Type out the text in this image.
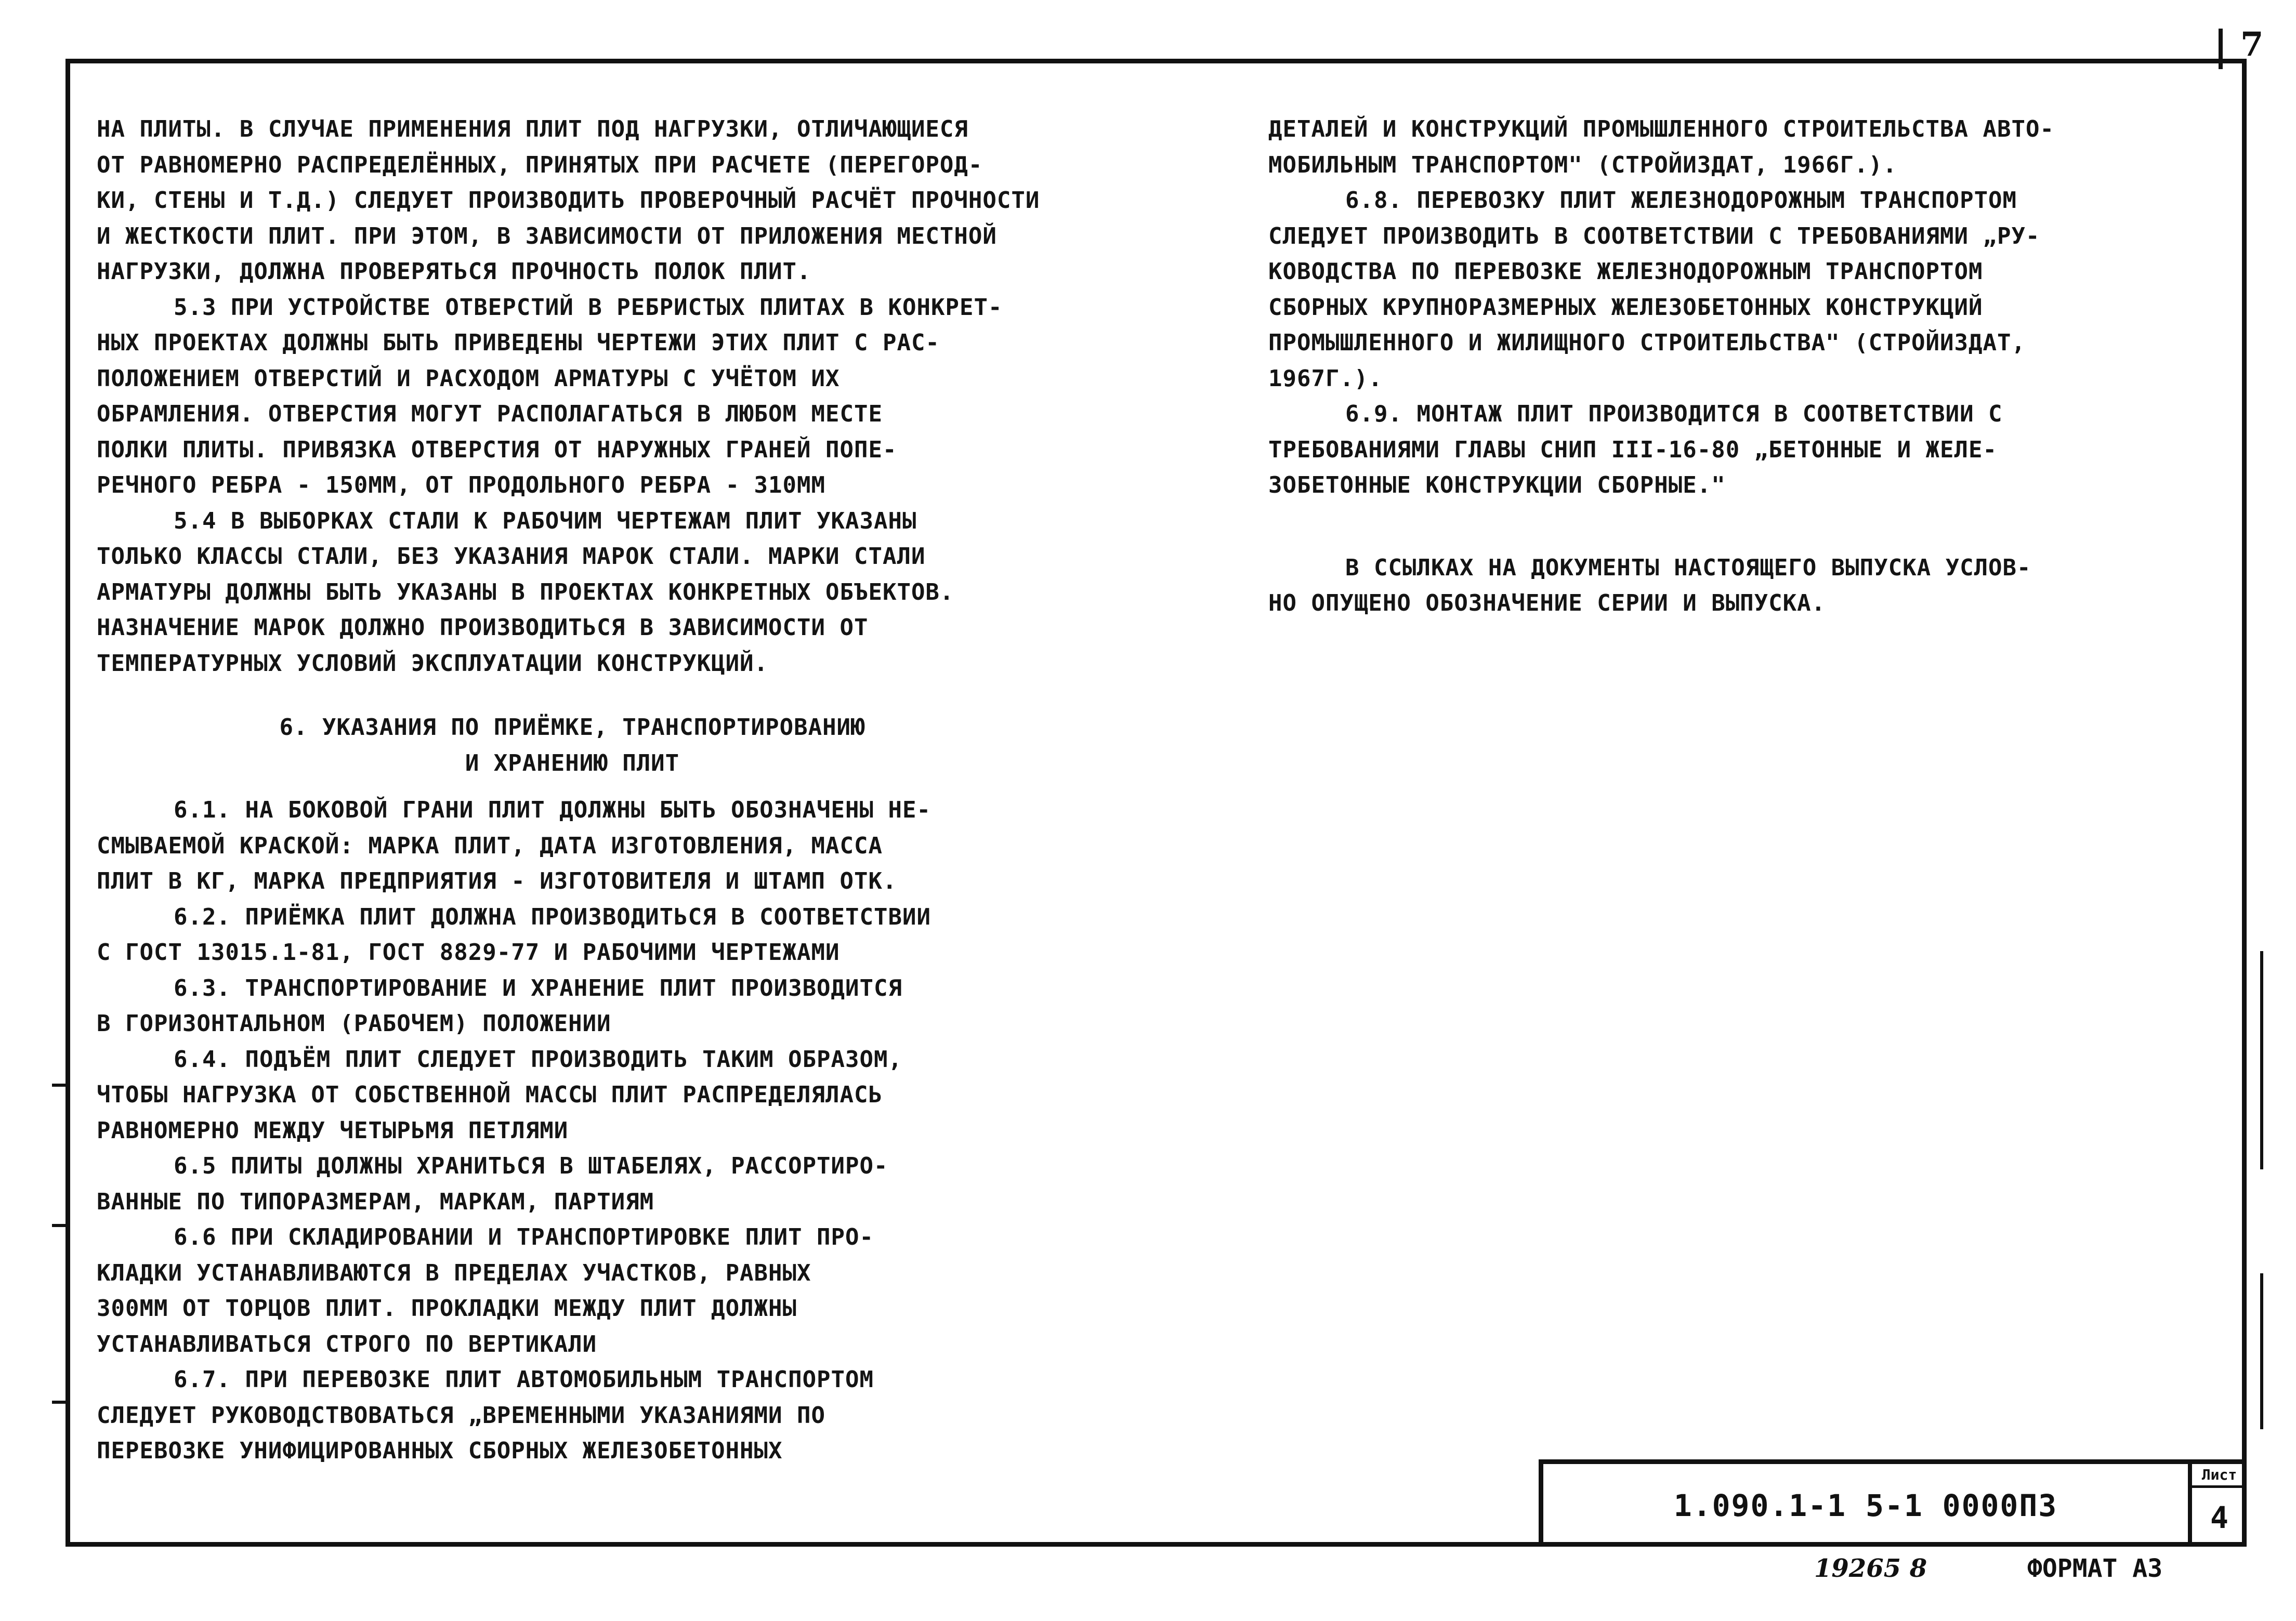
7
НА ПЛИТЫ. В СЛУЧАЕ ПРИМЕНЕНИЯ ПЛИТ ПОД НАГРУЗКИ, ОТЛИЧАЮЩИЕСЯ
ОТ РАВНОМЕРНО РАСПРЕДЕЛЁННЫХ, ПРИНЯТЫХ ПРИ РАСЧЕТЕ (ПЕРЕГОРОД-
КИ, СТЕНЫ И Т.Д.) СЛЕДУЕТ ПРОИЗВОДИТЬ ПРОВЕРОЧНЫЙ РАСЧЁТ ПРОЧНОСТИ
И ЖЕСТКОСТИ ПЛИТ. ПРИ ЭТОМ, В ЗАВИСИМОСТИ ОТ ПРИЛОЖЕНИЯ МЕСТНОЙ
НАГРУЗКИ, ДОЛЖНА ПРОВЕРЯТЬСЯ ПРОЧНОСТЬ ПОЛОК ПЛИТ.
5.3 ПРИ УСТРОЙСТВЕ ОТВЕРСТИЙ В РЕБРИСТЫХ ПЛИТАХ В КОНКРЕТ-
НЫХ ПРОЕКТАХ ДОЛЖНЫ БЫТЬ ПРИВЕДЕНЫ ЧЕРТЕЖИ ЭТИХ ПЛИТ С РАС-
ПОЛОЖЕНИЕМ ОТВЕРСТИЙ И РАСХОДОМ АРМАТУРЫ С УЧЁТОМ ИХ
ОБРАМЛЕНИЯ. ОТВЕРСТИЯ МОГУТ РАСПОЛАГАТЬСЯ В ЛЮБОМ МЕСТЕ
ПОЛКИ ПЛИТЫ. ПРИВЯЗКА ОТВЕРСТИЯ ОТ НАРУЖНЫХ ГРАНЕЙ ПОПЕ-
РЕЧНОГО РЕБРА - 150ММ, ОТ ПРОДОЛЬНОГО РЕБРА - 310ММ
5.4 В ВЫБОРКАХ СТАЛИ К РАБОЧИМ ЧЕРТЕЖАМ ПЛИТ УКАЗАНЫ
ТОЛЬКО КЛАССЫ СТАЛИ, БЕЗ УКАЗАНИЯ МАРОК СТАЛИ. МАРКИ СТАЛИ
АРМАТУРЫ ДОЛЖНЫ БЫТЬ УКАЗАНЫ В ПРОЕКТАХ КОНКРЕТНЫХ ОБЪЕКТОВ.
НАЗНАЧЕНИЕ МАРОК ДОЛЖНО ПРОИЗВОДИТЬСЯ В ЗАВИСИМОСТИ ОТ
ТЕМПЕРАТУРНЫХ УСЛОВИЙ ЭКСПЛУАТАЦИИ КОНСТРУКЦИЙ.
6. УКАЗАНИЯ ПО ПРИЁМКЕ, ТРАНСПОРТИРОВАНИЮ
И ХРАНЕНИЮ ПЛИТ
6.1. НА БОКОВОЙ ГРАНИ ПЛИТ ДОЛЖНЫ БЫТЬ ОБОЗНАЧЕНЫ НЕ-
СМЫВАЕМОЙ КРАСКОЙ: МАРКА ПЛИТ, ДАТА ИЗГОТОВЛЕНИЯ, МАССА
ПЛИТ В КГ, МАРКА ПРЕДПРИЯТИЯ - ИЗГОТОВИТЕЛЯ И ШТАМП ОТК.
6.2. ПРИЁМКА ПЛИТ ДОЛЖНА ПРОИЗВОДИТЬСЯ В СООТВЕТСТВИИ
С ГОСТ 13015.1-81, ГОСТ 8829-77 И РАБОЧИМИ ЧЕРТЕЖАМИ
6.3. ТРАНСПОРТИРОВАНИЕ И ХРАНЕНИЕ ПЛИТ ПРОИЗВОДИТСЯ
В ГОРИЗОНТАЛЬНОМ (РАБОЧЕМ) ПОЛОЖЕНИИ
6.4. ПОДЪЁМ ПЛИТ СЛЕДУЕТ ПРОИЗВОДИТЬ ТАКИМ ОБРАЗОМ,
ЧТОБЫ НАГРУЗКА ОТ СОБСТВЕННОЙ МАССЫ ПЛИТ РАСПРЕДЕЛЯЛАСЬ
РАВНОМЕРНО МЕЖДУ ЧЕТЫРЬМЯ ПЕТЛЯМИ
6.5 ПЛИТЫ ДОЛЖНЫ ХРАНИТЬСЯ В ШТАБЕЛЯХ, РАССОРТИРО-
ВАННЫЕ ПО ТИПОРАЗМЕРАМ, МАРКАМ, ПАРТИЯМ
6.6 ПРИ СКЛАДИРОВАНИИ И ТРАНСПОРТИРОВКЕ ПЛИТ ПРО-
КЛАДКИ УСТАНАВЛИВАЮТСЯ В ПРЕДЕЛАХ УЧАСТКОВ, РАВНЫХ
300ММ ОТ ТОРЦОВ ПЛИТ. ПРОКЛАДКИ МЕЖДУ ПЛИТ ДОЛЖНЫ
УСТАНАВЛИВАТЬСЯ СТРОГО ПО ВЕРТИКАЛИ
6.7. ПРИ ПЕРЕВОЗКЕ ПЛИТ АВТОМОБИЛЬНЫМ ТРАНСПОРТОМ
СЛЕДУЕТ РУКОВОДСТВОВАТЬСЯ „ВРЕМЕННЫМИ УКАЗАНИЯМИ ПО
ПЕРЕВОЗКЕ УНИФИЦИРОВАННЫХ СБОРНЫХ ЖЕЛЕЗОБЕТОННЫХ
ДЕТАЛЕЙ И КОНСТРУКЦИЙ ПРОМЫШЛЕННОГО СТРОИТЕЛЬСТВА АВТО-
МОБИЛЬНЫМ ТРАНСПОРТОМ" (СТРОЙИЗДАТ, 1966Г.).
6.8. ПЕРЕВОЗКУ ПЛИТ ЖЕЛЕЗНОДОРОЖНЫМ ТРАНСПОРТОМ
СЛЕДУЕТ ПРОИЗВОДИТЬ В СООТВЕТСТВИИ С ТРЕБОВАНИЯМИ „РУ-
КОВОДСТВА ПО ПЕРЕВОЗКЕ ЖЕЛЕЗНОДОРОЖНЫМ ТРАНСПОРТОМ
СБОРНЫХ КРУПНОРАЗМЕРНЫХ ЖЕЛЕЗОБЕТОННЫХ КОНСТРУКЦИЙ
ПРОМЫШЛЕННОГО И ЖИЛИЩНОГО СТРОИТЕЛЬСТВА" (СТРОЙИЗДАТ,
1967Г.).
6.9. МОНТАЖ ПЛИТ ПРОИЗВОДИТСЯ В СООТВЕТСТВИИ С
ТРЕБОВАНИЯМИ ГЛАВЫ СНИП III-16-80 „БЕТОННЫЕ И ЖЕЛЕ-
ЗОБЕТОННЫЕ КОНСТРУКЦИИ СБОРНЫЕ."
В ССЫЛКАХ НА ДОКУМЕНТЫ НАСТОЯЩЕГО ВЫПУСКА УСЛОВ-
НО ОПУЩЕНО ОБОЗНАЧЕНИЕ СЕРИИ И ВЫПУСКА.
1.090.1-1 5-1 0000ПЗ
Лист
4
19265 8	ФОРМАТ А3
